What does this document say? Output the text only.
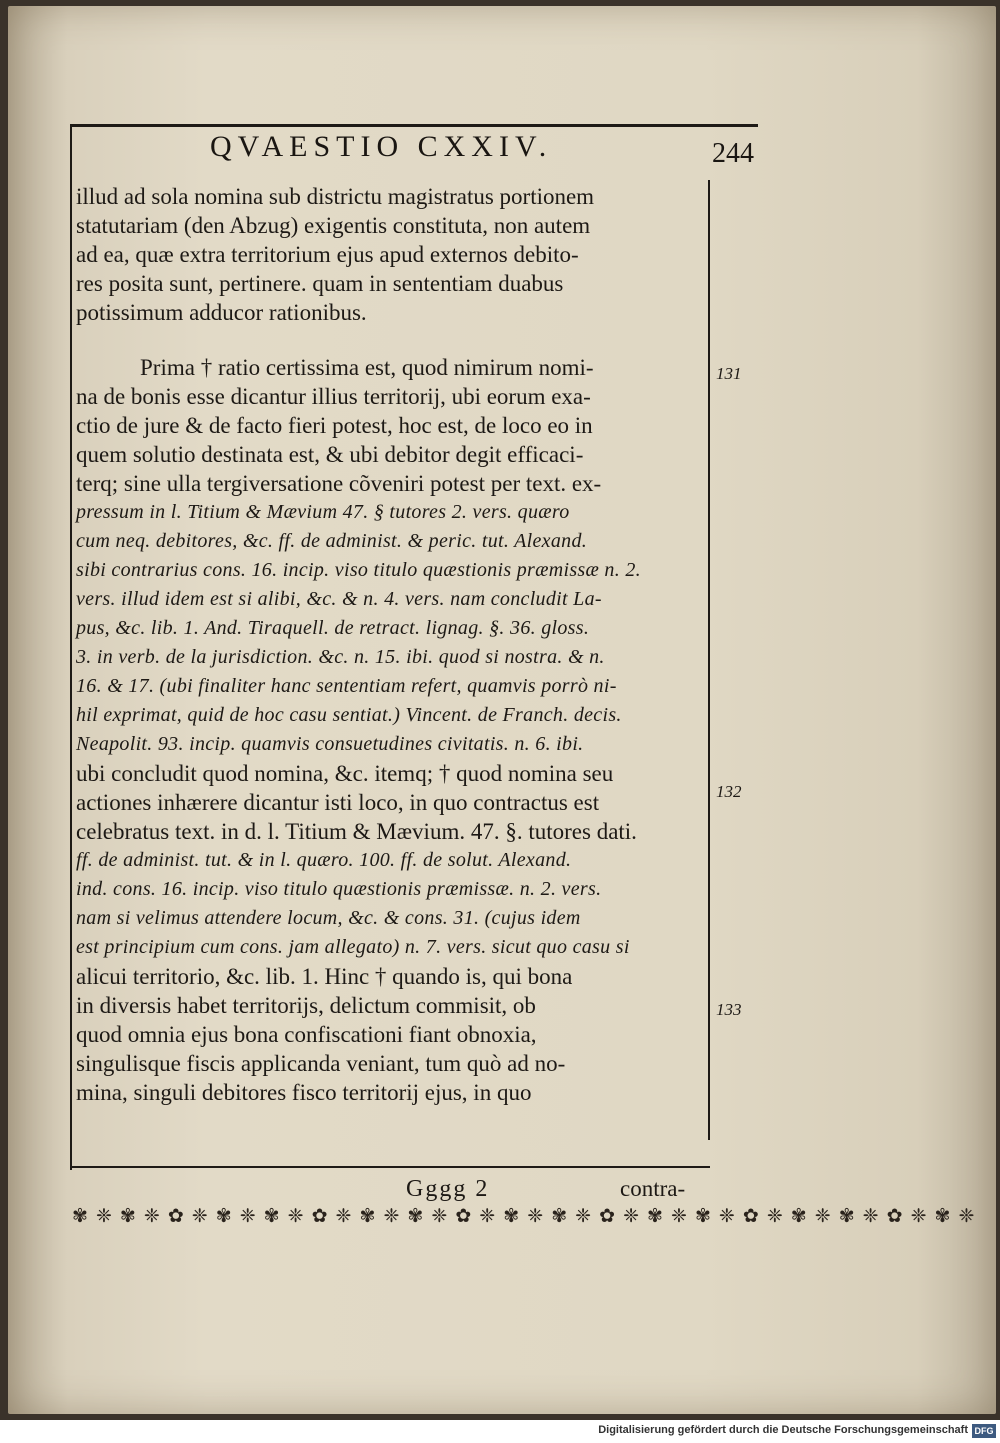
QVAESTIO CXXIV.	244
illud ad sola nomina sub districtu magistratus portionem
statutariam (den Abzug) exigentis constituta, non autem
ad ea, quæ extra territorium ejus apud externos debito-
res posita sunt, pertinere. quam in sententiam duabus
potissimum adducor rationibus.
Prima † ratio certissima est, quod nimirum nomi-
na de bonis esse dicantur illius territorij, ubi eorum exa-
ctio de jure & de facto fieri potest, hoc est, de loco eo in
quem solutio destinata est, & ubi debitor degit efficaci-
terq; sine ulla tergiversatione cõveniri potest per text. ex-
pressum in l. Titium & Mævium 47. § tutores 2. vers. quæro
cum neq. debitores, &c. ff. de administ. & peric. tut. Alexand.
sibi contrarius cons. 16. incip. viso titulo quæstionis præmissæ n. 2.
vers. illud idem est si alibi, &c. & n. 4. vers. nam concludit La-
pus, &c. lib. 1. And. Tiraquell. de retract. lignag. §. 36. gloss.
3. in verb. de la jurisdiction. &c. n. 15. ibi. quod si nostra. & n.
16. & 17. (ubi finaliter hanc sententiam refert, quamvis porrò ni-
hil exprimat, quid de hoc casu sentiat.) Vincent. de Franch. decis.
Neapolit. 93. incip. quamvis consuetudines civitatis. n. 6. ibi.
ubi concludit quod nomina, &c. itemq; † quod nomina seu
actiones inhærere dicantur isti loco, in quo contractus est
celebratus text. in d. l. Titium & Mævium. 47. §. tutores dati.
ff. de administ. tut. & in l. quæro. 100. ff. de solut. Alexand.
ind. cons. 16. incip. viso titulo quæstionis præmissæ. n. 2. vers.
nam si velimus attendere locum, &c. & cons. 31. (cujus idem
est principium cum cons. jam allegato) n. 7. vers. sicut quo casu si
alicui territorio, &c. lib. 1. Hinc † quando is, qui bona
in diversis habet territorijs, delictum commisit, ob
quod omnia ejus bona confiscationi fiant obnoxia,
singulisque fiscis applicanda veniant, tum quò ad no-
mina, singuli debitores fisco territorij ejus, in quo
131
132
133
Gggg 2	contra-
✾ ❈ ✾ ❈ ✿ ❈ ✾ ❈ ✾ ❈ ✿ ❈ ✾ ❈ ✾ ❈ ✿ ❈ ✾ ❈ ✾ ❈ ✿ ❈ ✾ ❈ ✾ ❈ ✿ ❈ ✾ ❈ ✾ ❈ ✿ ❈ ✾ ❈
Digitalisierung gefördert durch die Deutsche Forschungsgemeinschaft DFG
